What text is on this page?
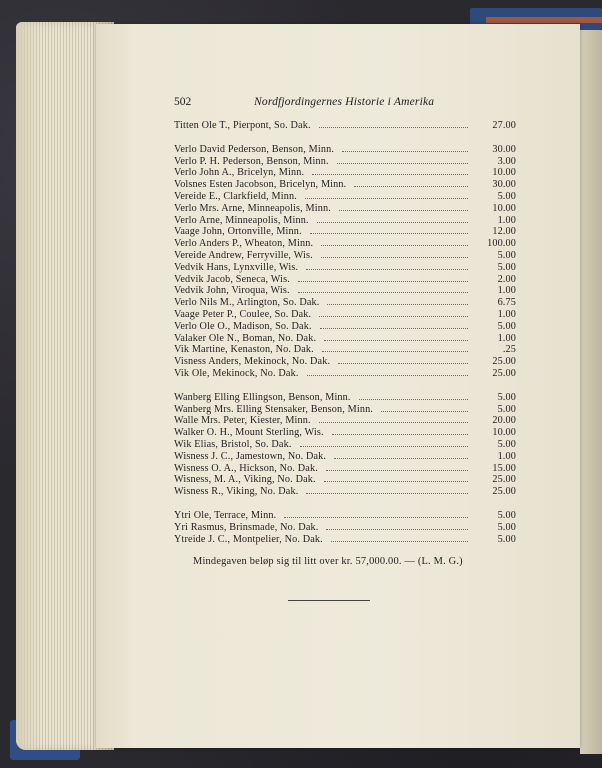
502	Nordfjordingernes Historie i Amerika
Titten Ole T., Pierpont, So. Dak.	27.00
Verlo David Pederson, Benson, Minn.	30.00
Verlo P. H. Pederson, Benson, Minn.	3.00
Verlo John A., Bricelyn, Minn.	10.00
Volsnes Esten Jacobson, Bricelyn, Minn.	30.00
Vereide E., Clarkfield, Minn.	5.00
Verlo Mrs. Arne, Minneapolis, Minn.	10.00
Verlo Arne, Minneapolis, Minn.	1.00
Vaage John, Ortonville, Minn.	12.00
Verlo Anders P., Wheaton, Minn.	100.00
Vereide Andrew, Ferryville, Wis.	5.00
Vedvik Hans, Lynxville, Wis.	5.00
Vedvik Jacob, Seneca, Wis.	2.00
Vedvik John, Viroqua, Wis.	1.00
Verlo Nils M., Arlington, So. Dak.	6.75
Vaage Peter P., Coulee, So. Dak.	1.00
Verlo Ole O., Madison, So. Dak.	5.00
Valaker Ole N., Boman, No. Dak.	1.00
Vik Martine, Kenaston, No. Dak.	.25
Visness Anders, Mekinock, No. Dak.	25.00
Vik Ole, Mekinock, No. Dak.	25.00
Wanberg Elling Ellingson, Benson, Minn.	5.00
Wanberg Mrs. Elling Stensaker, Benson, Minn.	5.00
Walle Mrs. Peter, Kiester, Minn.	20.00
Walker O. H., Mount Sterling, Wis.	10.00
Wik Elias, Bristol, So. Dak.	5.00
Wisness J. C., Jamestown, No. Dak.	1.00
Wisness O. A., Hickson, No. Dak.	15.00
Wisness, M. A., Viking, No. Dak.	25.00
Wisness R., Viking, No. Dak.	25.00
Ytri Ole, Terrace, Minn.	5.00
Yri Rasmus, Brinsmade, No. Dak.	5.00
Ytreide J. C., Montpelier, No. Dak.	5.00
Mindegaven beløp sig til litt over kr. 57,000.00. — (L. M. G.)
